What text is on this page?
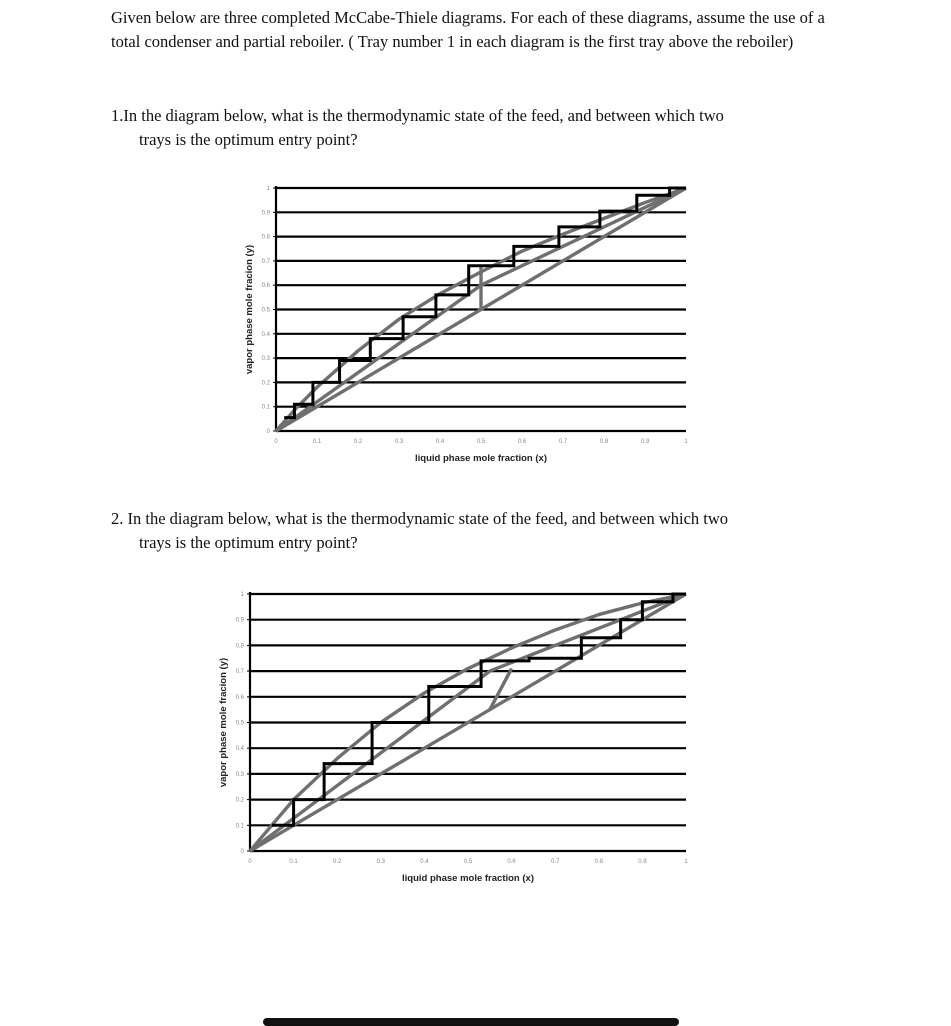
Given below are three completed McCabe-Thiele diagrams. For each of these diagrams, assume the use of a total condenser and partial reboiler. ( Tray number 1 in each diagram is the first tray above the reboiler)

1.In the diagram below, what is the thermodynamic state of the feed, and between which two
trays is the optimum entry point?
0
0.1
0.2
0.3
0.4
0.5
0.6
0.7
0.8
0.9
1
0	0.1	0.2	0.3	0.4	0.5	0.6	0.7	0.8	0.9	1
liquid phase mole fraction (x)
vapor phase mole fracion (y)
2. In the diagram below, what is the thermodynamic state of the feed, and between which two
trays is the optimum entry point?
0
0.1
0.2
0.3
0.4
0.5
0.6
0.7
0.8
0.9
1
0	0.1	0.2	0.3	0.4	0.5	0.6	0.7	0.8	0.9	1
liquid phase mole fraction (x)
vapor phase mole fracion (y)
